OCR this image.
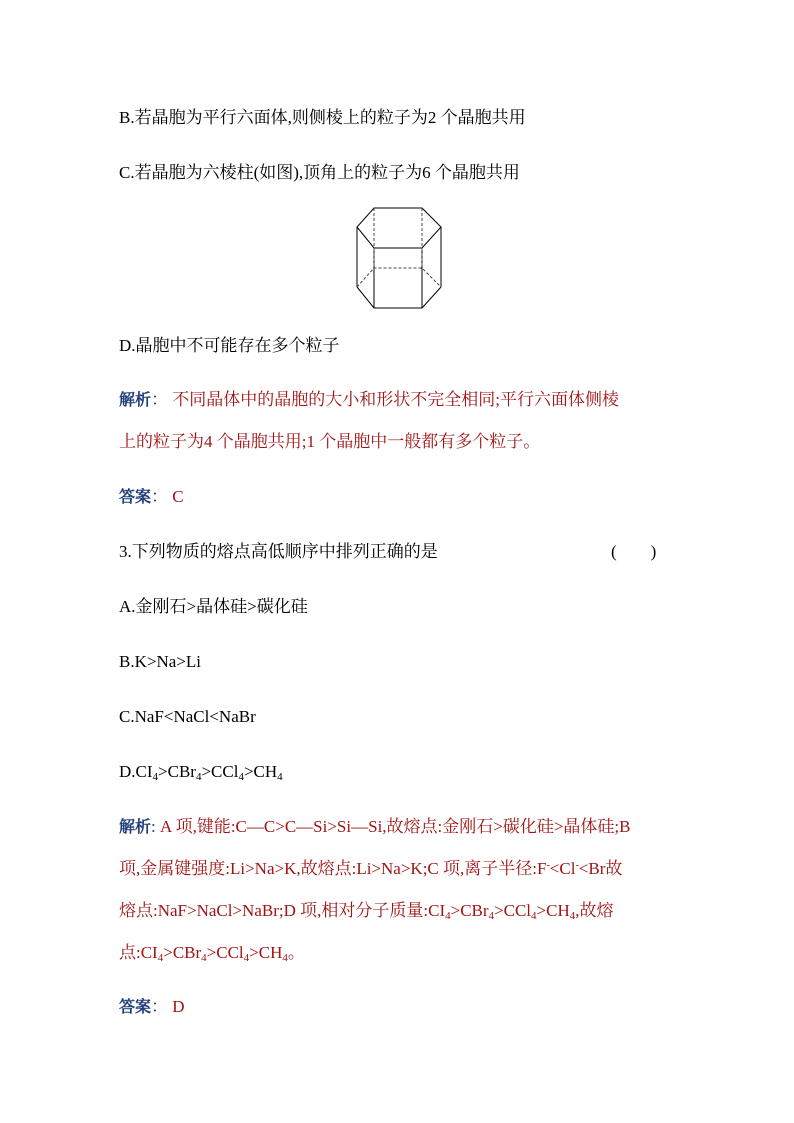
B.若晶胞为平行六面体,则侧棱上的粒子为2 个晶胞共用
C.若晶胞为六棱柱(如图),顶角上的粒子为6 个晶胞共用
D.晶胞中不可能存在多个粒子
解析： 不同晶体中的晶胞的大小和形状不完全相同;平行六面体侧棱
上的粒子为4 个晶胞共用;1 个晶胞中一般都有多个粒子。
答案： C
3.下列物质的熔点高低顺序中排列正确的是	(　　)
A.金刚石>晶体硅>碳化硅
B.K>Na>Li
C.NaF<NaCl<NaBr
$D.CI_4>CBr_4>CCl_4>CH_4$
解析: A 项,键能:C—C>C—Si>Si—Si,故熔点:金刚石>碳化硅>晶体硅;B
项,金属键强度:Li>Na>K,故熔点:Li>Na>K;C 项,离子半径:F-<Cl-<Br故
熔点:NaF>NaCl>NaBr;D 项,相对分子质量$:CI_4>CBr_4>CCl_4>CH_4$,故熔
点$:CI_4>CBr_4>CCl_4>CH_4$。
答案： D
